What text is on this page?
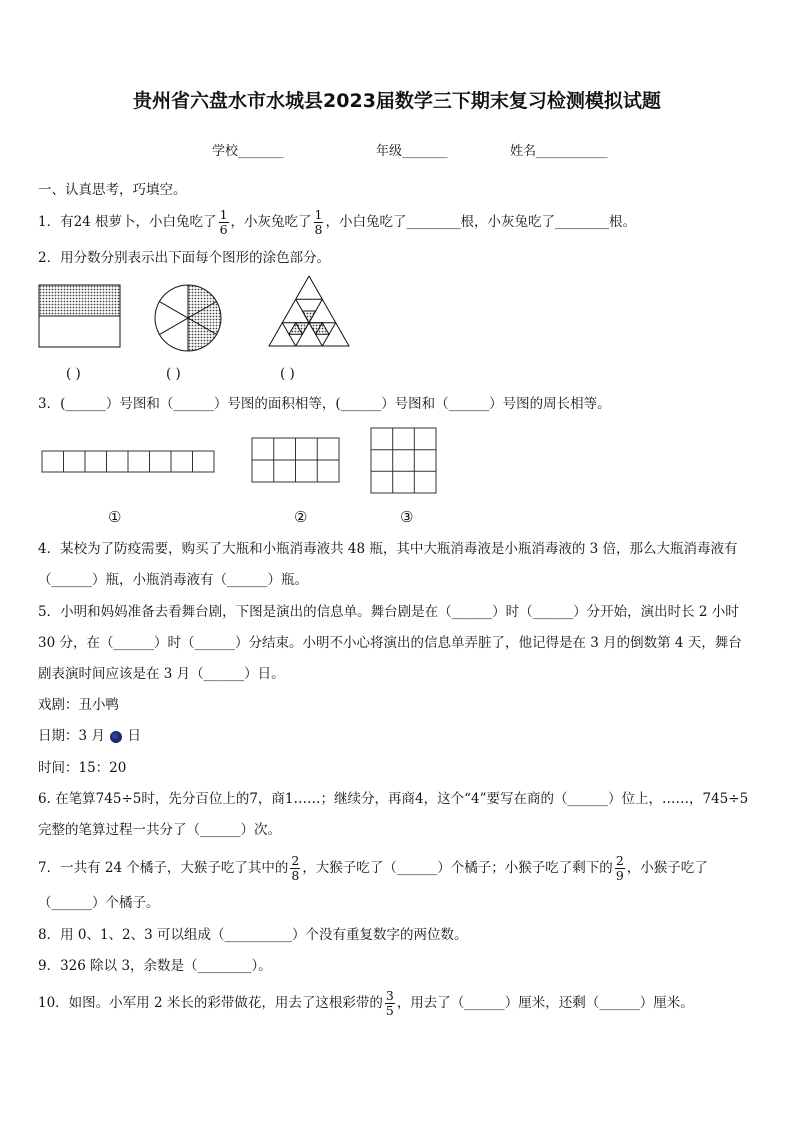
贵州省六盘水市水城县2023届数学三下期末复习检测模拟试题
学校_______	年级_______	姓名___________
一、认真思考，巧填空。
1．有24 根萝卜，小白兔吃了 $\frac{1}{6}$ ，小灰兔吃了 $\frac{1}{8}$ ，小白兔吃了________根，小灰兔吃了________根。
2．用分数分别表示出下面每个图形的涂色部分。
( )	( )	( )
3．(______）号图和（______）号图的面积相等，(______）号图和（______）号图的周长相等。
①	②	③
4．某校为了防疫需要，购买了大瓶和小瓶消毒液共 48 瓶，其中大瓶消毒液是小瓶消毒液的 3 倍，那么大瓶消毒液有
（______）瓶，小瓶消毒液有（______）瓶。
5．小明和妈妈准备去看舞台剧，下图是演出的信息单。舞台剧是在（______）时（______）分开始，演出时长 2 小时
30 分，在（______）时（______）分结束。小明不小心将演出的信息单弄脏了，他记得是在 3 月的倒数第 4 天，舞台
剧表演时间应该是在 3 月（______）日。
戏剧：丑小鸭
日期：3 月 日
时间：15：20
6. 在笔算745÷5时，先分百位上的7，商1……；继续分，再商4，这个“4”要写在商的（______）位上，……，745÷5
完整的笔算过程一共分了（______）次。
7．一共有 24 个橘子，大猴子吃了其中的 $\frac{2}{8}$ ，大猴子吃了（______）个橘子；小猴子吃了剩下的 $\frac{2}{9}$ ，小猴子吃了
（______）个橘子。
8．用 0、1、2、3 可以组成（__________）个没有重复数字的两位数。
9．326 除以 3，余数是（________）。
10．如图。小军用 2 米长的彩带做花，用去了这根彩带的 $\frac{3}{5}$ ，用去了（______）厘米，还剩（______）厘米。
